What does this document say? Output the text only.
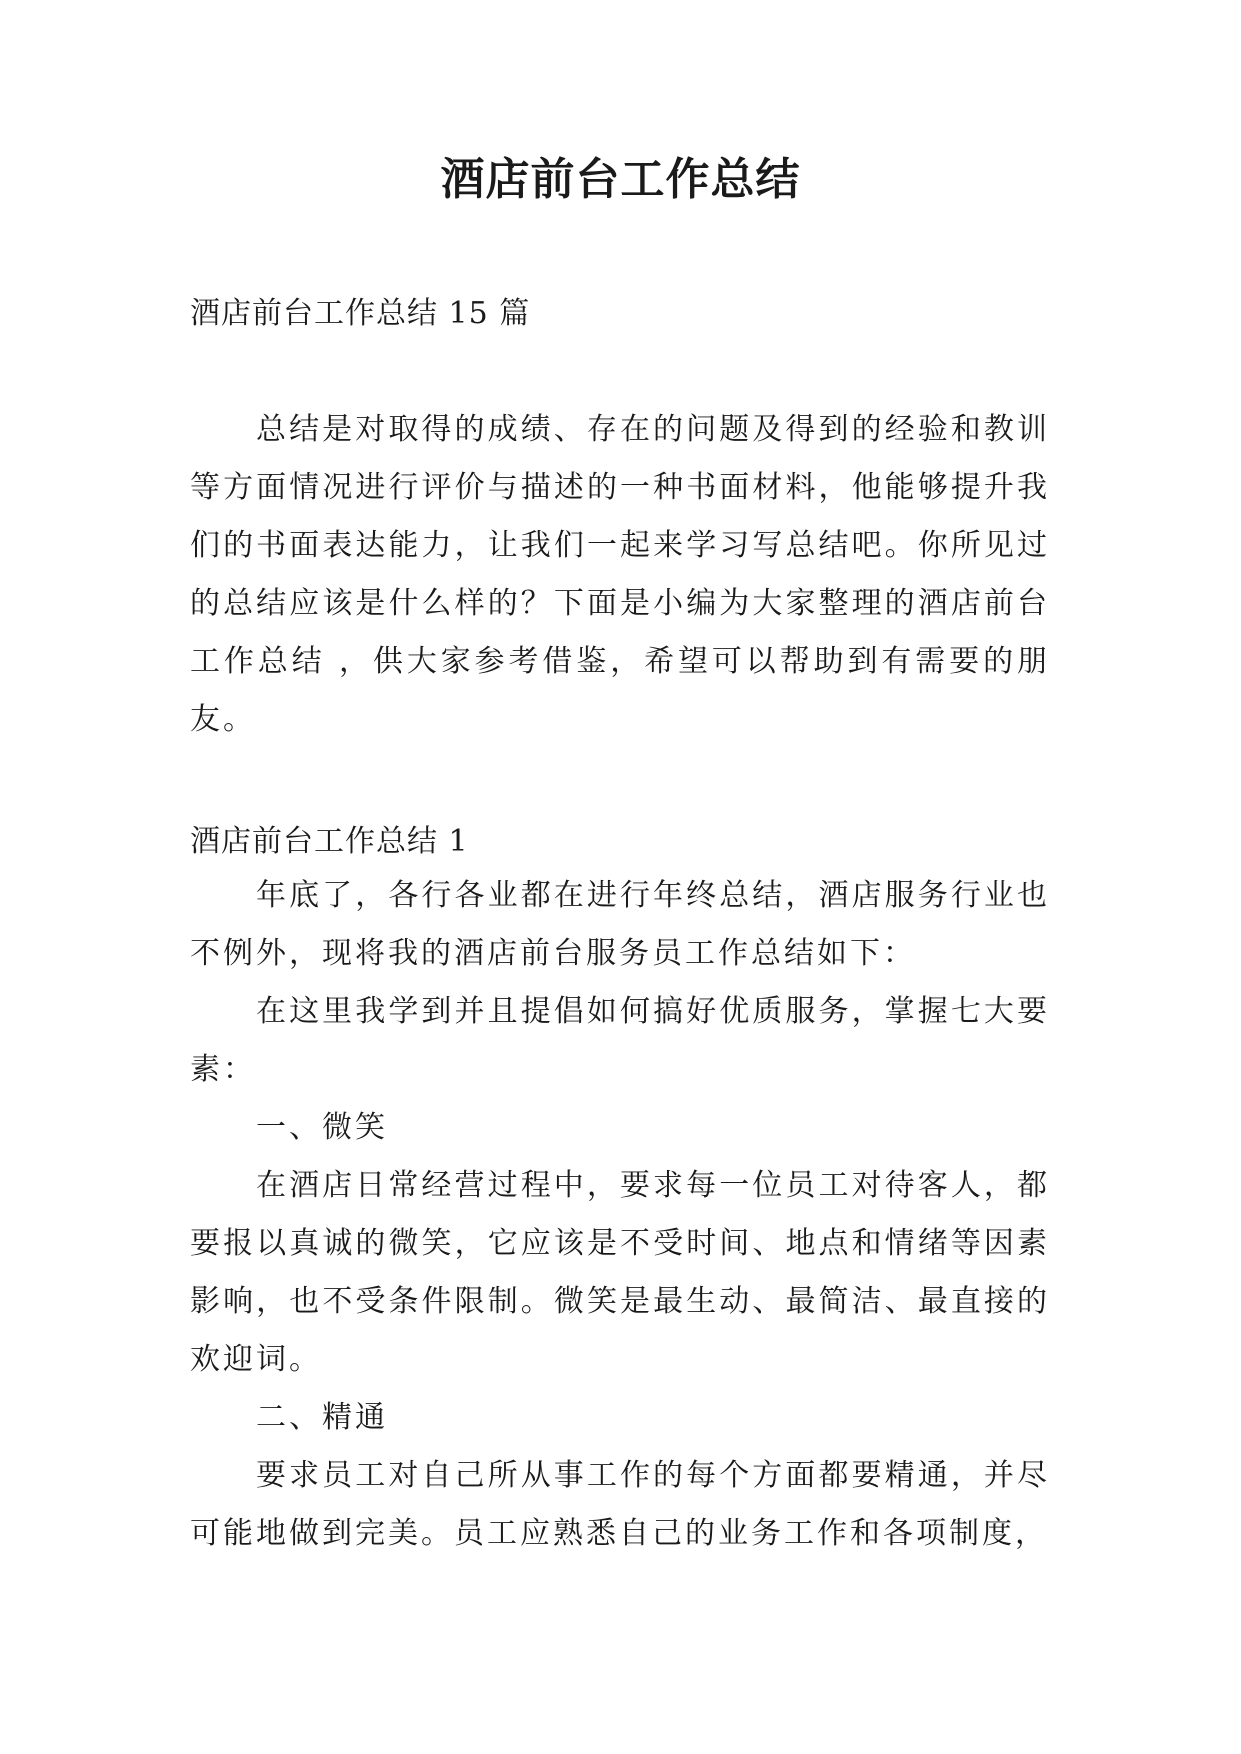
酒店前台工作总结

酒店前台工作总结 15 篇

总结是对取得的成绩、存在的问题及得到的经验和教训等方面情况进行评价与描述的一种书面材料，他能够提升我们的书面表达能力，让我们一起来学习写总结吧。你所见过的总结应该是什么样的？下面是小编为大家整理的酒店前台工作总结 ，供大家参考借鉴，希望可以帮助到有需要的朋友。

酒店前台工作总结 1

年底了，各行各业都在进行年终总结，酒店服务行业也不例外，现将我的酒店前台服务员工作总结如下：

在这里我学到并且提倡如何搞好优质服务，掌握七大要素：

一、微笑

在酒店日常经营过程中，要求每一位员工对待客人，都要报以真诚的微笑，它应该是不受时间、地点和情绪等因素影响，也不受条件限制。微笑是最生动、最简洁、最直接的欢迎词。

二、精通

要求员工对自己所从事工作的每个方面都要精通，并尽可能地做到完美。员工应熟悉自己的业务工作和各项制度，
